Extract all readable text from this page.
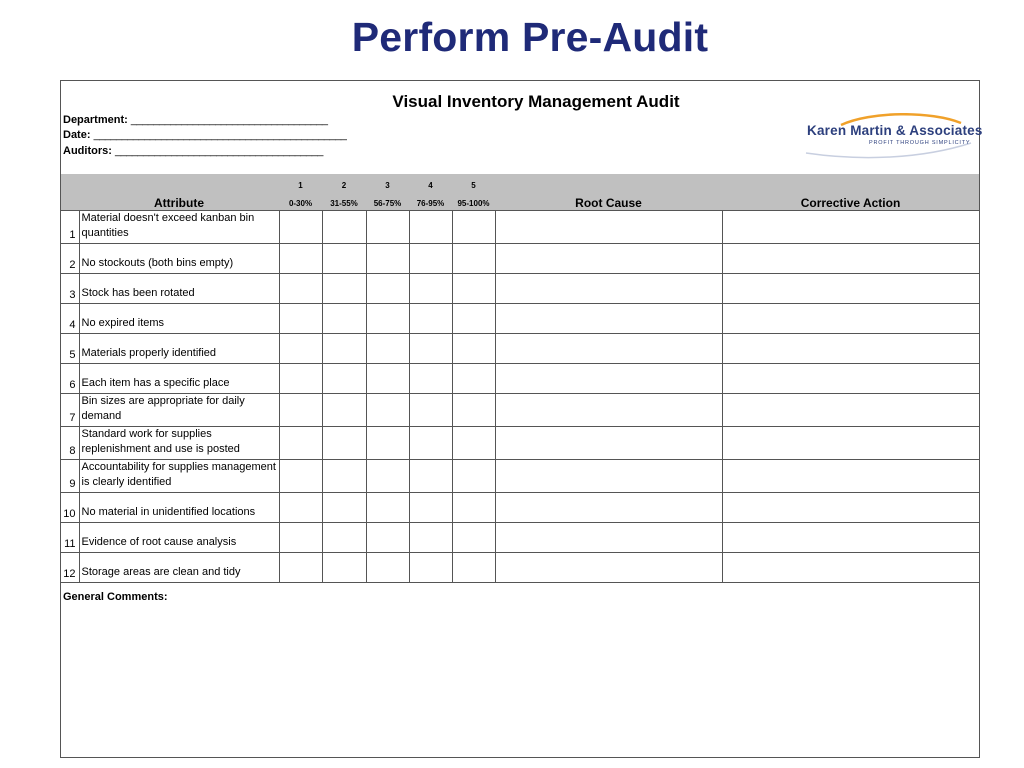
Perform Pre-Audit
Visual Inventory Management Audit
Department: ___________________________________
Date: _____________________________________________
Auditors: _____________________________________
Karen Martin & Associates
PROFIT THROUGH SIMPLICITY
		1	2	3	4	5		
	Attribute	0-30%	31-55%	56-75%	76-95%	95-100%	Root Cause	Corrective Action
1	Material doesn't exceed kanban bin quantities							
2	No stockouts (both bins empty)							
3	Stock has been rotated							
4	No expired items							
5	Materials properly identified							
6	Each item has a specific place							
7	Bin sizes are appropriate for daily demand							
8	Standard work for supplies replenishment and use is posted							
9	Accountability for supplies management is clearly identified							
10	No material in unidentified locations							
11	Evidence of root cause analysis							
12	Storage areas are clean and tidy							
General Comments:
